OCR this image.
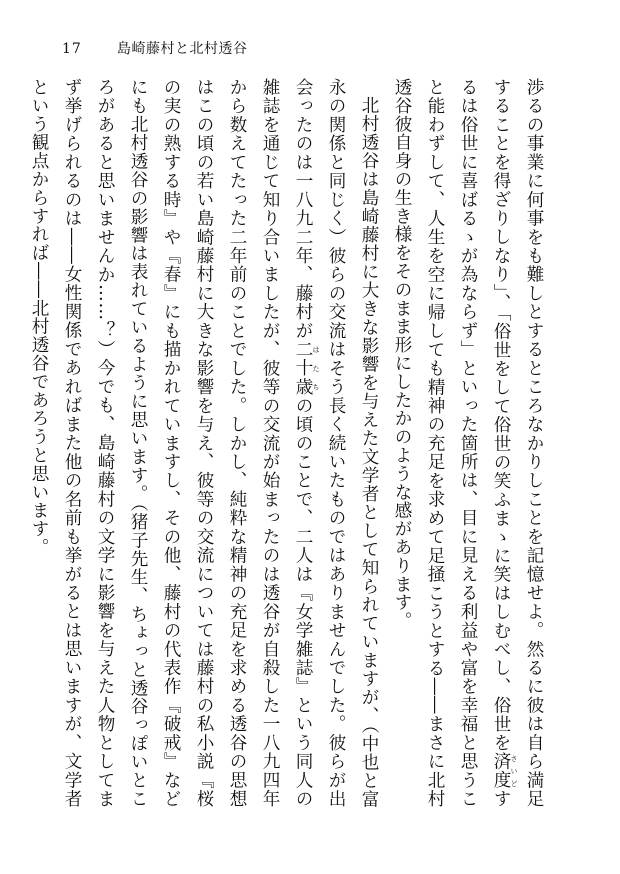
17	島崎藤村と北村透谷

渉るの事業に何事をも難しとするところなかりしことを記憶せよ。然るに彼は自ら満足することを得ざりしなり」、「俗世をして俗世の笑ふまゝに笑はしむべし、俗世を済度 さいどするは俗世に喜ばるゝが為ならず」といった箇所は、目に見える利益や富を幸福と思うこと能わずして、人生を空に帰しても精神の充足を求めて足掻こうとする――まさに北村透谷彼自身の生き様をそのまま形にしたかのような感があります。

北村透谷は島崎藤村に大きな影響を与えた文学者として知られていますが、（中也と富永の関係と同じく）彼らの交流はそう長く続いたものではありませんでした。彼らが出会ったのは一八九二年、藤村が二十歳 はたちの頃のことで、二人は『女学雑誌』という同人の雑誌を通じて知り合いましたが、彼等の交流が始まったのは透谷が自殺した一八九四年から数えてたった二年前のことでした。しかし、純粋な精神の充足を求める透谷の思想はこの頃の若い島崎藤村に大きな影響を与え、彼等の交流については藤村の私小説『桜の実の熟する時』や『春』にも描かれていますし、その他、藤村の代表作『破戒』などにも北村透谷の影響は表れているように思います。（猪子先生、ちょっと透谷っぽいところがあると思いませんか……？）今でも、島崎藤村の文学に影響を与えた人物としてまず挙げられるのは――女性関係であればまた他の名前も挙がるとは思いますが、文学者という観点からすれば――北村透谷であろうと思います。
